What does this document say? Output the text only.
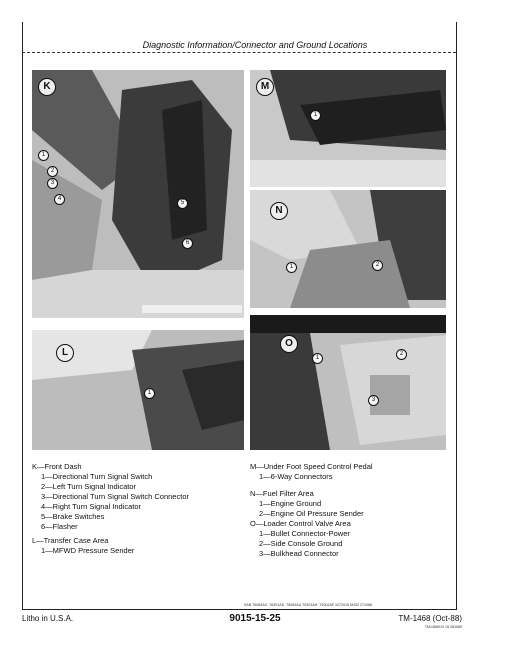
Diagnostic Information/Connector and Ground Locations
K
1
2
3
4
5
6
M
1
N
1	2
L
1
O
1
2
3
K—Front Dash
1—Directional Turn Signal Switch
2—Left Turn Signal Indicator
3—Directional Turn Signal Switch Connector
4—Right Turn Signal Indicator
5—Brake Switches
6—Flasher
L—Transfer Case Area
1—MFWD Pressure Sender
M—Under Foot Speed Control Pedal
1—6-Way Connectors
N—Fuel Filter Area
1—Engine Ground
2—Engine Oil Pressure Sender
O—Loader Control Valve Area
1—Bullet Connector-Power
2—Side Console Ground
3—Bulkhead Connector
SAB.T6084AX, T6301AK, T6084AU T6301AH, T6302AF 1072015 M432 271088
Litho in U.S.A.	9015-15-25	TM-1468 (Oct-88)
TM1468919 15 281089
